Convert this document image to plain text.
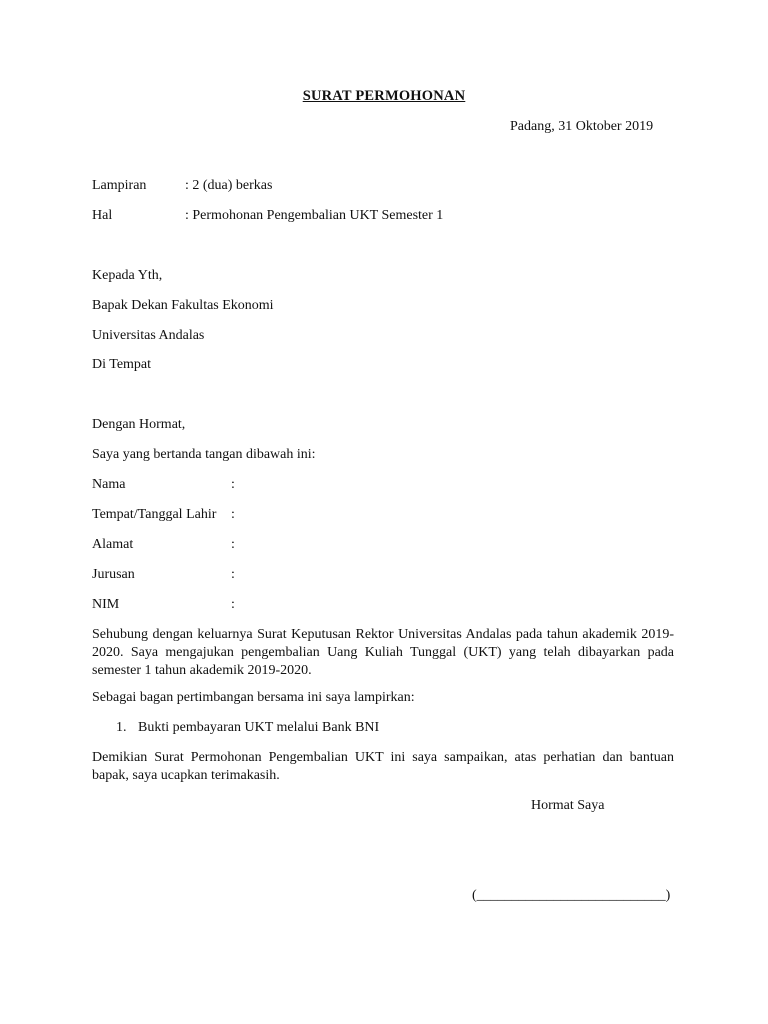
SURAT PERMOHONAN
Padang, 31 Oktober 2019
Lampiran	: 2 (dua) berkas
Hal	: Permohonan Pengembalian UKT Semester 1
Kepada Yth,
Bapak Dekan Fakultas Ekonomi
Universitas Andalas
Di Tempat
Dengan Hormat,
Saya yang bertanda tangan dibawah ini:
Nama	:
Tempat/Tanggal Lahir :
Alamat	:
Jurusan	:
NIM	:
Sehubung dengan keluarnya Surat Keputusan Rektor Universitas Andalas pada tahun akademik 2019-2020. Saya mengajukan pengembalian Uang Kuliah Tunggal (UKT) yang telah dibayarkan pada semester 1 tahun akademik 2019-2020.
Sebagai bagan pertimbangan bersama ini saya lampirkan:
1. Bukti pembayaran UKT melalui Bank BNI
Demikian Surat Permohonan Pengembalian UKT ini saya sampaikan, atas perhatian dan bantuan bapak, saya ucapkan terimakasih.
Hormat Saya
(___________________________)
